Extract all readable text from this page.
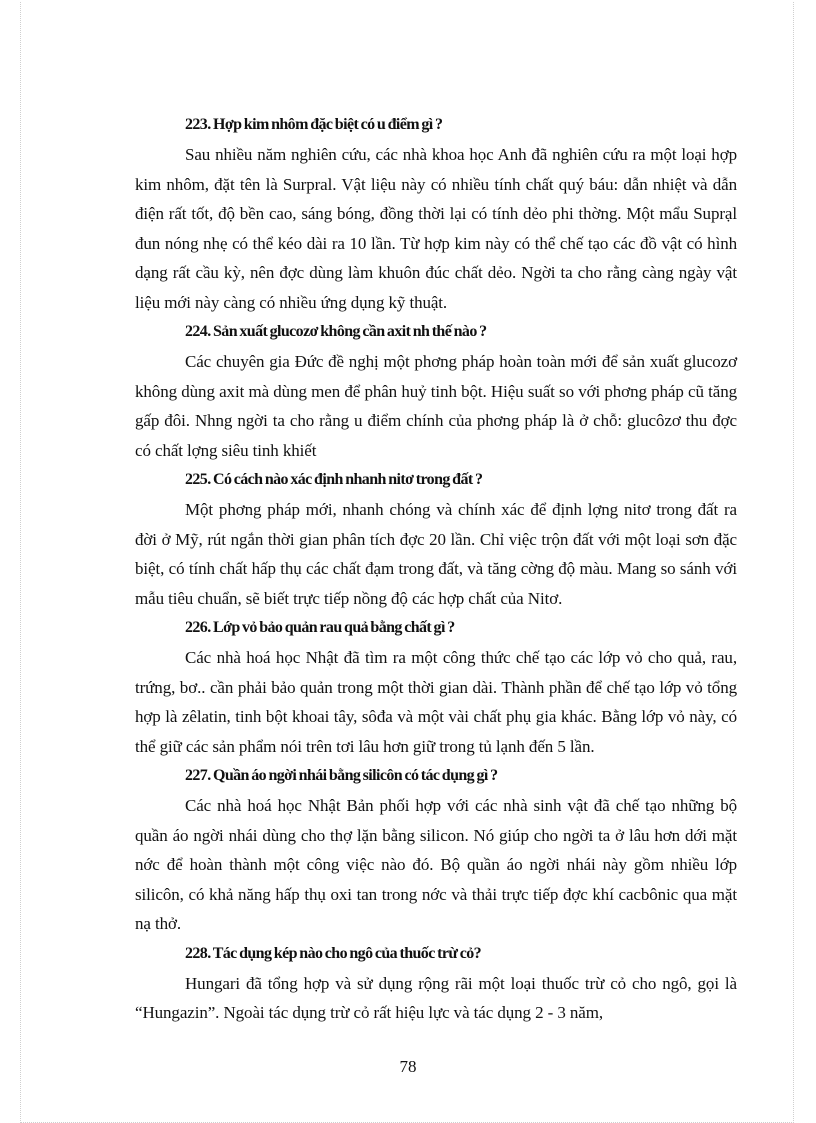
223. Hợp kim nhôm đặc biệt có u điểm gì ?

Sau nhiều năm nghiên cứu, các nhà khoa học Anh đã nghiên cứu ra một loại hợp kim nhôm, đặt tên là Surpral. Vật liệu này có nhiều tính chất quý báu: dẫn nhiệt và dẫn điện rất tốt, độ bền cao, sáng bóng, đồng thời lại có tính dẻo phi thờng. Một mẩu Suprạl đun nóng nhẹ có thể kéo dài ra 10 lần. Từ hợp kim này có thể chế tạo các đồ vật có hình dạng rất cầu kỳ, nên đợc dùng làm khuôn đúc chất dẻo. Ngời ta cho rằng càng ngày vật liệu mới này càng có nhiều ứng dụng kỹ thuật.

224. Sản xuất glucozơ không cần axit nh thế nào ?

Các chuyên gia Đức đề nghị một phơng pháp hoàn toàn mới để sản xuất glucozơ không dùng axit mà dùng men để phân huỷ tinh bột. Hiệu suất so với phơng pháp cũ tăng gấp đôi. Nhng ngời ta cho rằng u điểm chính của phơng pháp là ở chỗ: glucôzơ thu đợc có chất lợng siêu tinh khiết

225. Có cách nào xác định nhanh nitơ trong đất ?

Một phơng pháp mới, nhanh chóng và chính xác để định lợng nitơ trong đất ra đời ở Mỹ, rút ngắn thời gian phân tích đợc 20 lần. Chỉ việc trộn đất với một loại sơn đặc biệt, có tính chất hấp thụ các chất đạm trong đất, và tăng cờng độ màu. Mang so sánh với mẫu tiêu chuẩn, sẽ biết trực tiếp nồng độ các hợp chất của Nitơ.

226. Lớp vỏ bảo quản rau quả bằng chất gì ?

Các nhà hoá học Nhật đã tìm ra một công thức chế tạo các lớp vỏ cho quả, rau, trứng, bơ.. cần phải bảo quản trong một thời gian dài. Thành phần để chế tạo lớp vỏ tổng hợp là zêlatin, tinh bột khoai tây, sôđa và một vài chất phụ gia khác. Bằng lớp vỏ này, có thể giữ các sản phẩm nói trên tơi lâu hơn giữ trong tủ lạnh đến 5 lần.

227. Quần áo ngời nhái bằng silicôn có tác dụng gì ?

Các nhà hoá học Nhật Bản phối hợp với các nhà sinh vật đã chế tạo những bộ quần áo ngời nhái dùng cho thợ lặn bằng silicon. Nó giúp cho ngời ta ở lâu hơn dới mặt nớc để hoàn thành một công việc nào đó. Bộ quần áo ngời nhái này gồm nhiều lớp silicôn, có khả năng hấp thụ oxi tan trong nớc và thải trực tiếp đợc khí cacbônic qua mặt nạ thở.

228. Tác dụng kép nào cho ngô của thuốc trừ cỏ?

Hungari đã tổng hợp và sử dụng rộng rãi một loại thuốc trừ cỏ cho ngô, gọi là “Hungazin”. Ngoài tác dụng trừ cỏ rất hiệu lực và tác dụng 2 - 3 năm,

78
